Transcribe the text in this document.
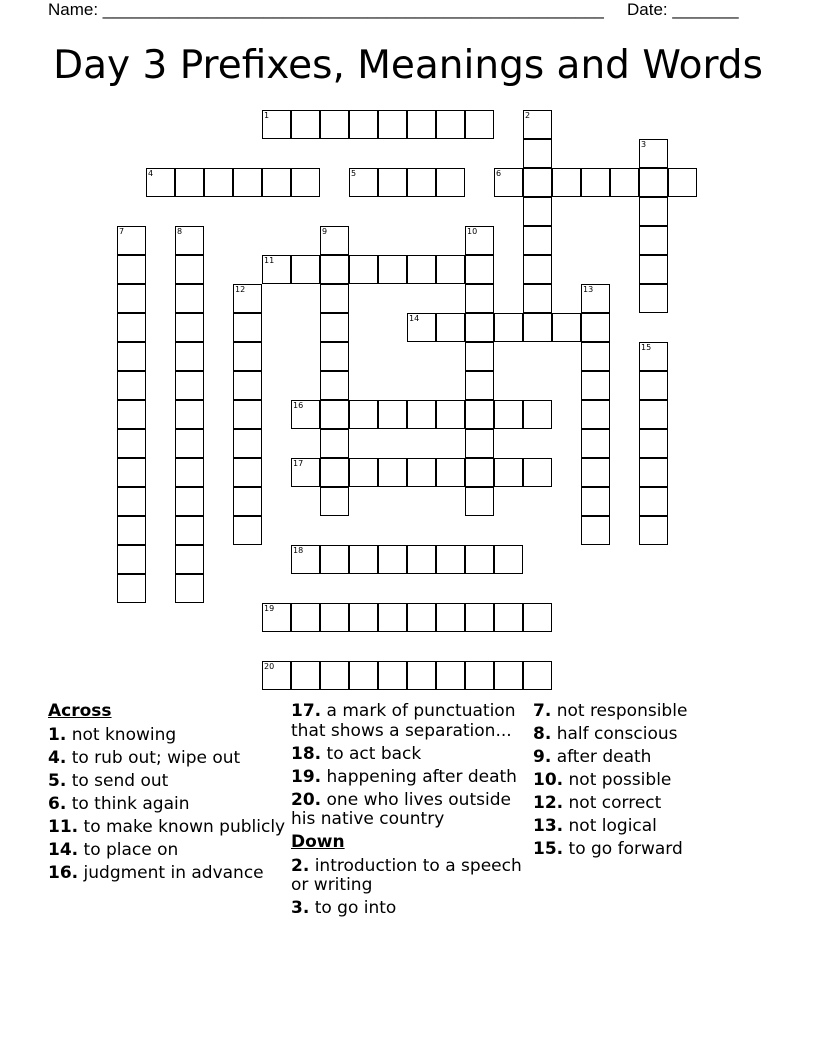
Name: _____________________________________________________ Date: _______
Day 3 Prefixes, Meanings and Words
1
4	5	6
11
14
16
17
18
19
20
2
3
7	8	9	10
12	13
15
Across
1. not knowing
4. to rub out; wipe out
5. to send out
6. to think again
11. to make known publicly
14. to place on
16. judgment in advance
17. a mark of punctuation that shows a separation...
18. to act back
19. happening after death
20. one who lives outside his native country
Down
2. introduction to a speech or writing
3. to go into
7. not responsible
8. half conscious
9. after death
10. not possible
12. not correct
13. not logical
15. to go forward
